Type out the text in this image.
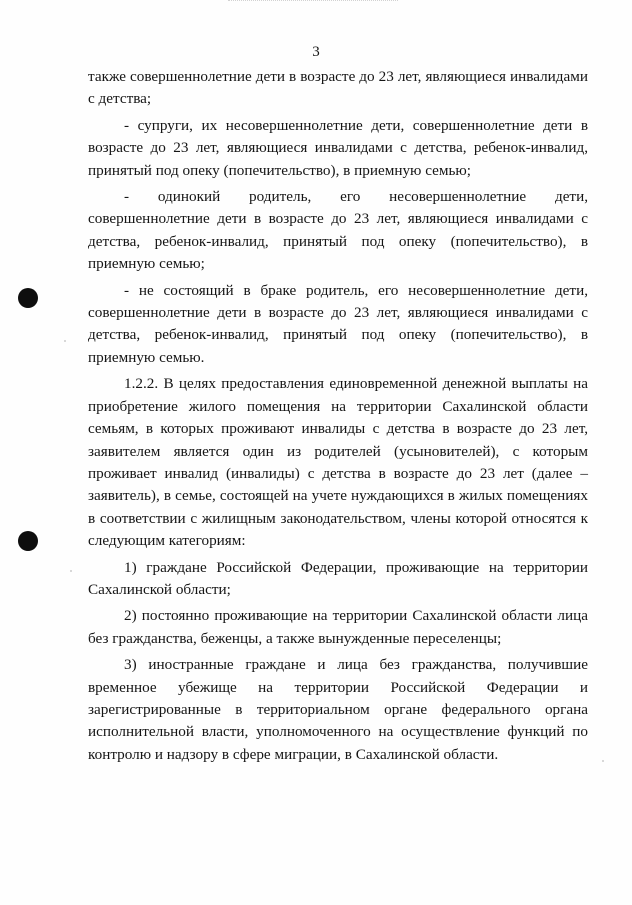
3

также совершеннолетние дети в возрасте до 23 лет, являющиеся инвалидами с детства;

- супруги, их несовершеннолетние дети, совершеннолетние дети в возрасте до 23 лет, являющиеся инвалидами с детства, ребенок-инвалид, принятый под опеку (попечительство), в приемную семью;

- одинокий родитель, его несовершеннолетние дети, совершеннолетние дети в возрасте до 23 лет, являющиеся инвалидами с детства, ребенок-инвалид, принятый под опеку (попечительство), в приемную семью;

- не состоящий в браке родитель, его несовершеннолетние дети, совершеннолетние дети в возрасте до 23 лет, являющиеся инвалидами с детства, ребенок-инвалид, принятый под опеку (попечительство), в приемную семью.

1.2.2. В целях предоставления единовременной денежной выплаты на приобретение жилого помещения на территории Сахалинской области семьям, в которых проживают инвалиды с детства в возрасте до 23 лет, заявителем является один из родителей (усыновителей), с которым проживает инвалид (инвалиды) с детства в возрасте до 23 лет (далее – заявитель), в семье, состоящей на учете нуждающихся в жилых помещениях в соответствии с жилищным законодательством, члены которой относятся к следующим категориям:

1) граждане Российской Федерации, проживающие на территории Сахалинской области;

2) постоянно проживающие на территории Сахалинской области лица без гражданства, беженцы, а также вынужденные переселенцы;

3) иностранные граждане и лица без гражданства, получившие временное убежище на территории Российской Федерации и зарегистрированные в территориальном органе федерального органа исполнительной власти, уполномоченного на осуществление функций по контролю и надзору в сфере миграции, в Сахалинской области.
